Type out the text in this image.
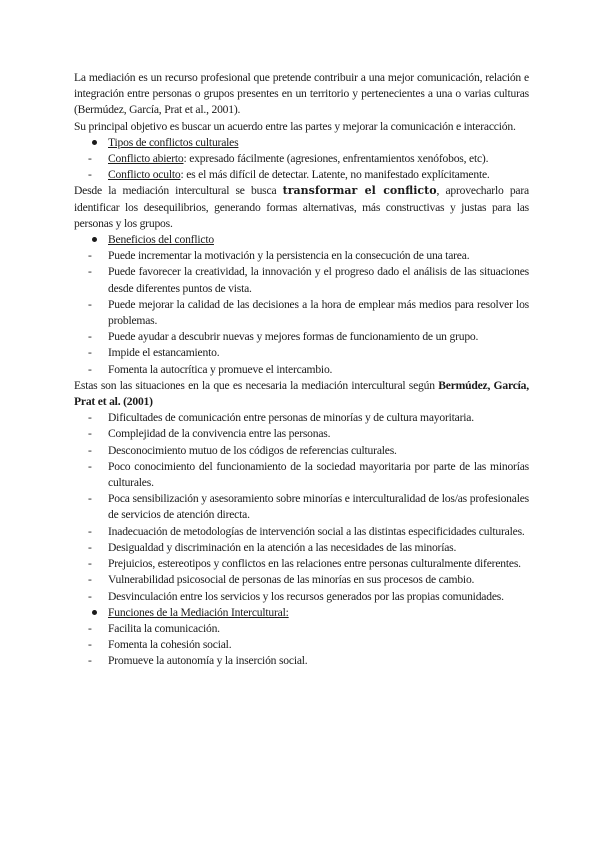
La mediación es un recurso profesional que pretende contribuir a una mejor comunicación, relación e integración entre personas o grupos presentes en un territorio y pertenecientes a una o varias culturas (Bermúdez, García, Prat et al., 2001).

Su principal objetivo es buscar un acuerdo entre las partes y mejorar la comunicación e interacción.

Tipos de conflictos culturales
- Conflicto abierto: expresado fácilmente (agresiones, enfrentamientos xenófobos, etc).
- Conflicto oculto: es el más difícil de detectar. Latente, no manifestado explícitamente.

Desde la mediación intercultural se busca transformar el conflicto, aprovecharlo para identificar los desequilibrios, generando formas alternativas, más constructivas y justas para las personas y los grupos.

Beneficios del conflicto
- Puede incrementar la motivación y la persistencia en la consecución de una tarea.
- Puede favorecer la creatividad, la innovación y el progreso dado el análisis de las situaciones desde diferentes puntos de vista.
- Puede mejorar la calidad de las decisiones a la hora de emplear más medios para resolver los problemas.
- Puede ayudar a descubrir nuevas y mejores formas de funcionamiento de un grupo.
- Impide el estancamiento.
- Fomenta la autocrítica y promueve el intercambio.

Estas son las situaciones en la que es necesaria la mediación intercultural según Bermúdez, García, Prat et al. (2001)

- Dificultades de comunicación entre personas de minorías y de cultura mayoritaria.
- Complejidad de la convivencia entre las personas.
- Desconocimiento mutuo de los códigos de referencias culturales.
- Poco conocimiento del funcionamiento de la sociedad mayoritaria por parte de las minorías culturales.
- Poca sensibilización y asesoramiento sobre minorías e interculturalidad de los/as profesionales de servicios de atención directa.
- Inadecuación de metodologías de intervención social a las distintas especificidades culturales.
- Desigualdad y discriminación en la atención a las necesidades de las minorías.
- Prejuicios, estereotipos y conflictos en las relaciones entre personas culturalmente diferentes.
- Vulnerabilidad psicosocial de personas de las minorías en sus procesos de cambio.
- Desvinculación entre los servicios y los recursos generados por las propias comunidades.
Funciones de la Mediación Intercultural:
- Facilita la comunicación.
- Fomenta la cohesión social.
- Promueve la autonomía y la inserción social.
